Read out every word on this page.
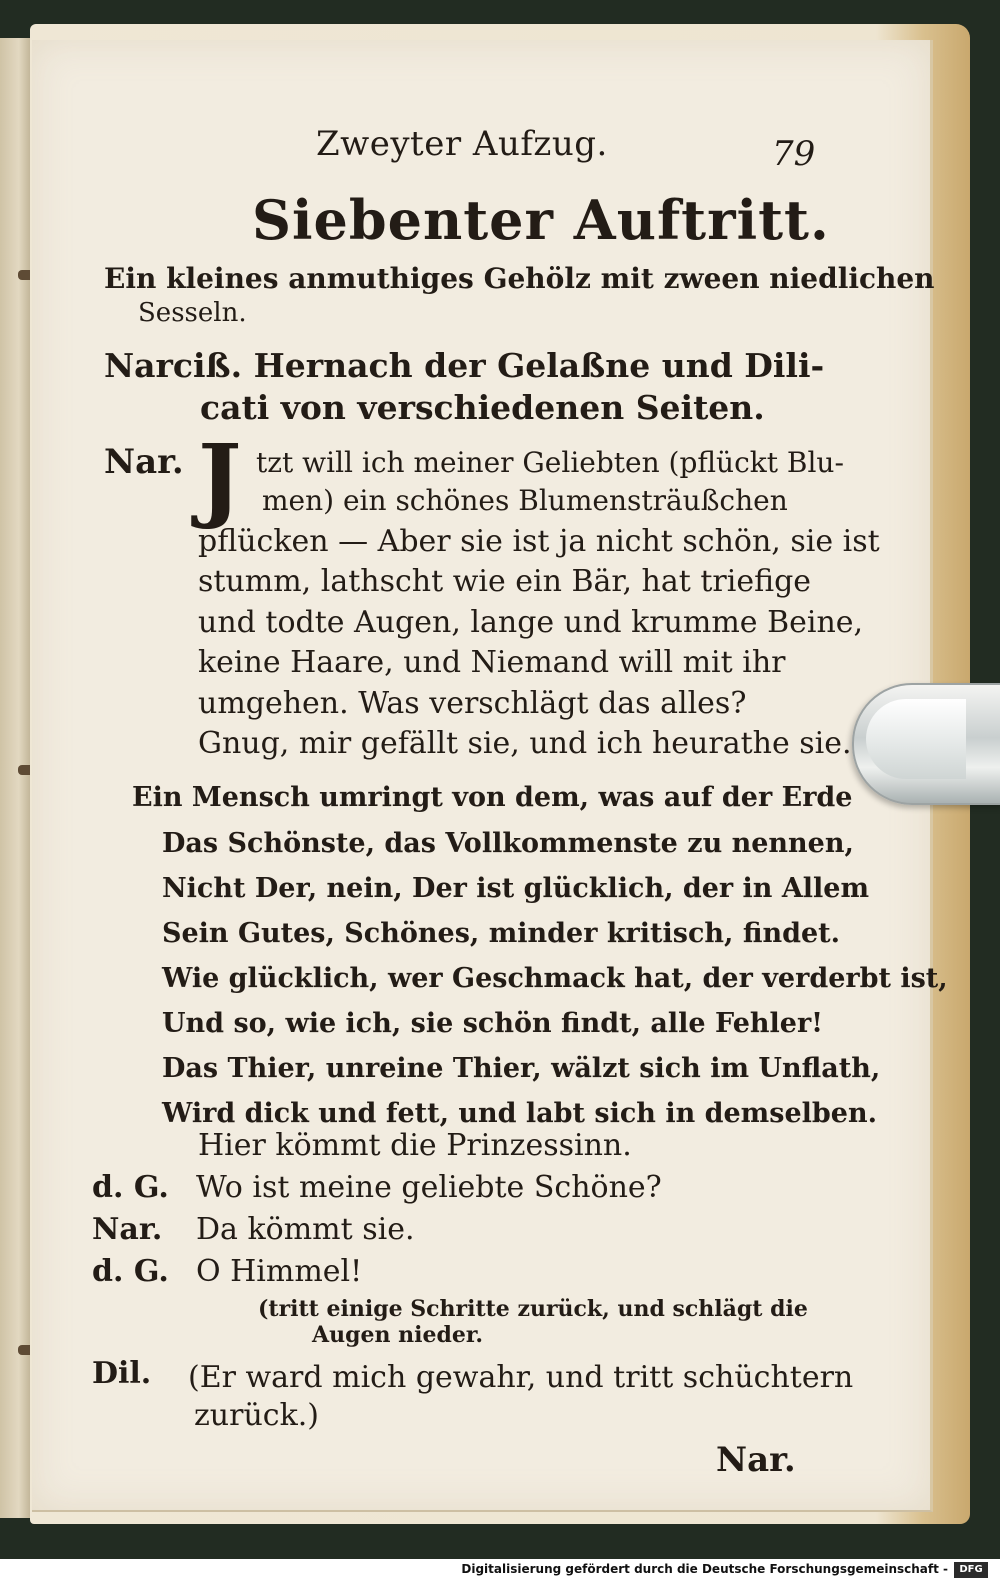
Zweyter Aufzug.	79
Siebenter Auftritt.
Ein kleines anmuthiges Gehölz mit zween niedlichen
Sesseln.
Narciß. Hernach der Gelaßne und Dili-
cati von verschiedenen Seiten.
Nar. J tzt will ich meiner Geliebten (pflückt Blu-
men) ein schönes Blumensträußchen
pflücken — Aber sie ist ja nicht schön, sie ist
stumm, lathscht wie ein Bär, hat triefige
und todte Augen, lange und krumme Beine,
keine Haare, und Niemand will mit ihr
umgehen. Was verschlägt das alles?
Gnug, mir gefällt sie, und ich heurathe sie.
Ein Mensch umringt von dem, was auf der Erde
Das Schönste, das Vollkommenste zu nennen,
Nicht Der, nein, Der ist glücklich, der in Allem
Sein Gutes, Schönes, minder kritisch, findet.
Wie glücklich, wer Geschmack hat, der verderbt ist,
Und so, wie ich, sie schön findt, alle Fehler!
Das Thier, unreine Thier, wälzt sich im Unflath,
Wird dick und fett, und labt sich in demselben.
Hier kömmt die Prinzessinn.
d. G. Wo ist meine geliebte Schöne?
Nar. Da kömmt sie.
d. G. O Himmel!
(tritt einige Schritte zurück, und schlägt die
Augen nieder.
Dil. (Er ward mich gewahr, und tritt schüchtern
zurück.)
Nar.
Digitalisierung gefördert durch die Deutsche Forschungsgemeinschaft -	DFG
